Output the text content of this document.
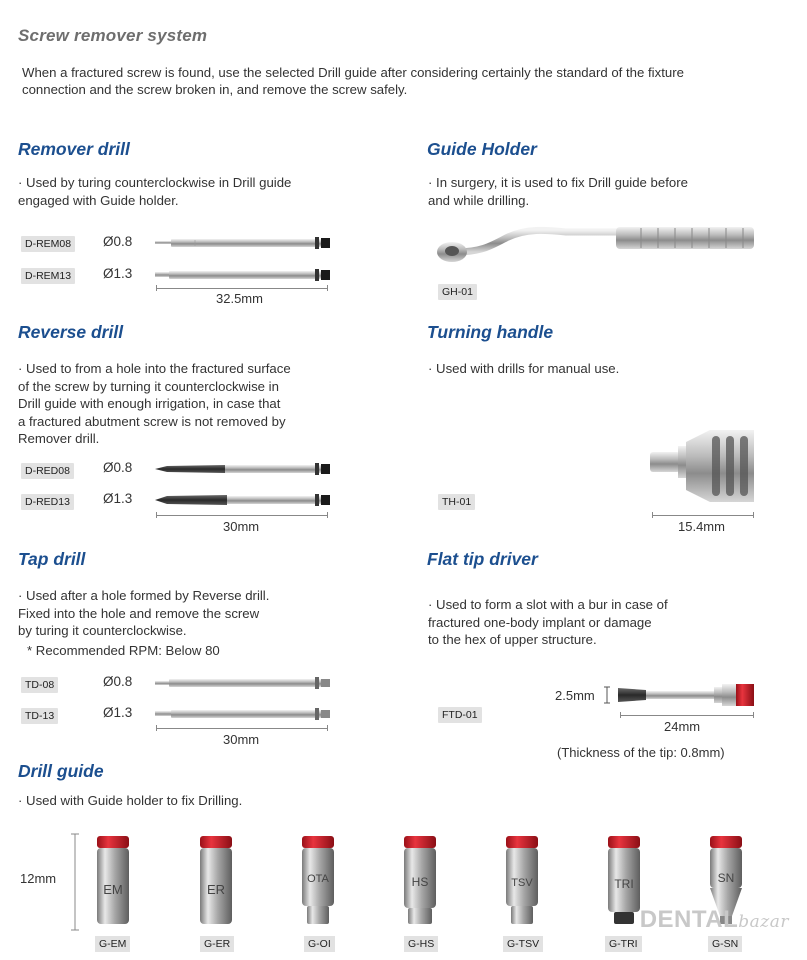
Screw remover system
When a fractured screw is found, use the selected Drill guide after considering certainly the standard of the fixture connection and the screw broken in, and remove the screw safely.
Remover drill
· Used by turing counterclockwise in Drill guide
engaged with Guide holder.
D-REM08 Ø0.8
D-REM13 Ø1.3
32.5mm
Guide Holder
· In surgery, it is used to fix Drill guide before
and while drilling.
GH-01
Reverse drill
· Used to from a hole into the fractured surface
of the screw by turning it counterclockwise in
Drill guide with enough irrigation, in case that
a fractured abutment screw is not removed by
Remover drill.
D-RED08 Ø0.8
D-RED13 Ø1.3
30mm
Turning handle
· Used with drills for manual use.
TH-01
15.4mm
Tap drill
· Used after a hole formed by Reverse drill.
Fixed into the hole and remove the screw
by turing it counterclockwise.
* Recommended RPM: Below 80
TD-08	Ø0.8
TD-13	Ø1.3
30mm
Flat tip driver
· Used to form a slot with a bur in case of
fractured one-body implant or damage
to the hex of upper structure.
2.5mm
FTD-01
24mm
(Thickness of the tip: 0.8mm)
Drill guide
· Used with Guide holder to fix Drilling.
12mm
EM
G-EM
ER
G-ER
OTA
G-OI
HS
G-HS
TSV
G-TSV
TRI
G-TRI
SN
G-SN
DENTALbazar
